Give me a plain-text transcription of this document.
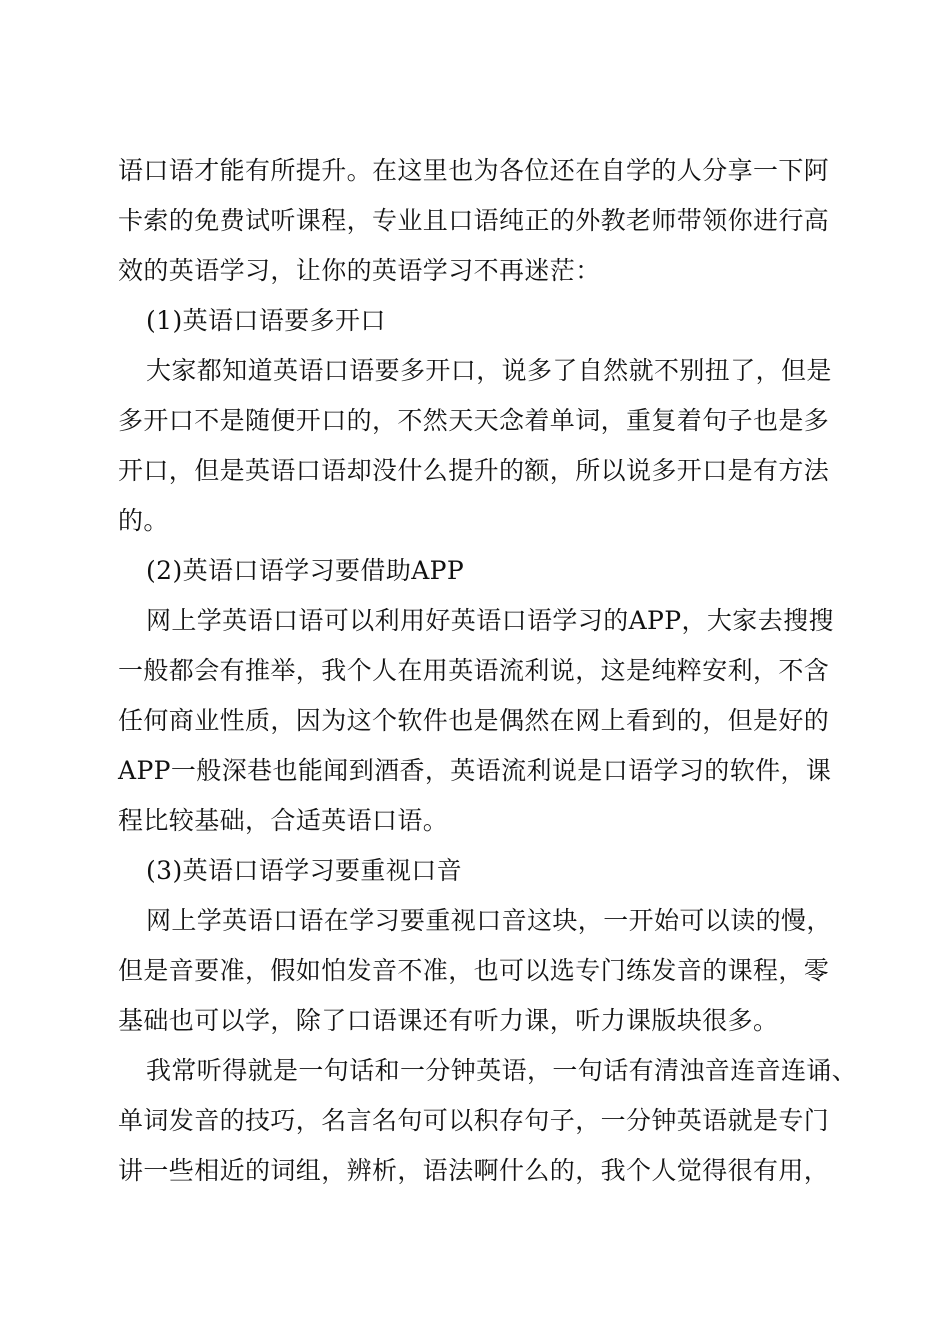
语口语才能有所提升。在这里也为各位还在自学的人分享一下阿
卡索的免费试听课程，专业且口语纯正的外教老师带领你进行高
效的英语学习，让你的英语学习不再迷茫：
(1)英语口语要多开口
大家都知道英语口语要多开口，说多了自然就不别扭了，但是
多开口不是随便开口的，不然天天念着单词，重复着句子也是多
开口，但是英语口语却没什么提升的额，所以说多开口是有方法
的。
(2)英语口语学习要借助APP
网上学英语口语可以利用好英语口语学习的APP，大家去搜搜
一般都会有推举，我个人在用英语流利说，这是纯粹安利，不含
任何商业性质，因为这个软件也是偶然在网上看到的，但是好的
APP一般深巷也能闻到酒香，英语流利说是口语学习的软件，课
程比较基础，合适英语口语。
(3)英语口语学习要重视口音
网上学英语口语在学习要重视口音这块，一开始可以读的慢，
但是音要准，假如怕发音不准，也可以选专门练发音的课程，零
基础也可以学，除了口语课还有听力课，听力课版块很多。
我常听得就是一句话和一分钟英语，一句话有清浊音连音连诵、
单词发音的技巧，名言名句可以积存句子，一分钟英语就是专门
讲一些相近的词组，辨析，语法啊什么的，我个人觉得很有用，
